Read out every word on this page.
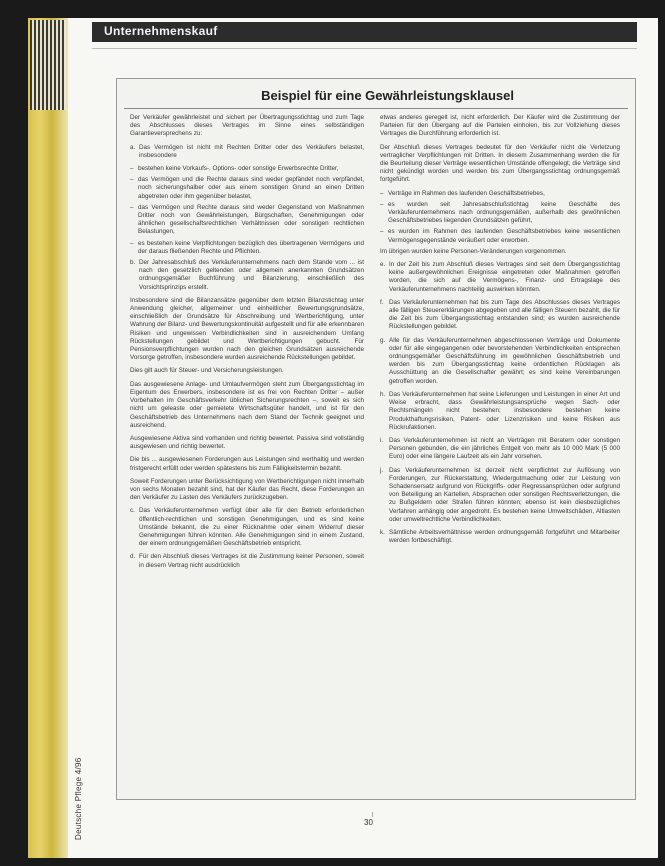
Unternehmenskauf
Deutsche Pflege 4/96
Beispiel für eine Gewährleistungsklausel

Der Verkäufer gewährleistet und sichert per Übertragungsstichtag und zum Tage des Abschlusses dieses Vertrages im Sinne eines selbständigen Garantieversprechens zu:

a. Das Vermögen ist nicht mit Rechten Dritter oder des Verkäufers belastet, insbesondere
– bestehen keine Vorkaufs-, Options- oder sonstige Erwerbsrechte Dritter,
– das Vermögen und die Rechte daraus sind weder gepfändet noch verpfändet, noch sicherungshalber oder aus einem sonstigen Grund an einen Dritten abgetreten oder ihm gegenüber belastet,
– das Vermögen und Rechte daraus sind weder Gegenstand von Maßnahmen Dritter noch von Gewährleistungen, Bürgschaften, Genehmigungen oder ähnlichen gesellschaftsrechtlichen Verhältnissen oder sonstigen rechtlichen Belastungen,
– es bestehen keine Verpflichtungen bezüglich des übertragenen Vermögens und der daraus fließenden Rechte und Pflichten.
b. Der Jahresabschluß des Verkäuferunternehmens nach dem Stande vom ... ist nach den gesetzlich geltenden oder allgemein anerkannten Grundsätzen ordnungsgemäßer Buchführung und Bilanzierung, einschließlich des Vorsichtsprinzips erstellt.

Insbesondere sind die Bilanzansätze gegenüber dem letzten Bilanzstichtag unter Anwendung gleicher, allgemeiner und einheitlicher Bewertungsgrundsätze, einschließlich der Grundsätze für Abschreibung und Wertberichtigung, unter Wahrung der Bilanz- und Bewertungskontinuität aufgestellt und für alle erkennbaren Risiken und ungewissen Verbindlichkeiten sind in ausreichendem Umfang Rückstellungen gebildet und Wertberichtigungen gebucht. Für Pensionsverpflichtungen wurden nach den gleichen Grundsätzen ausreichende Vorsorge getroffen, insbesondere wurden ausreichende Rückstellungen gebildet.

Dies gilt auch für Steuer- und Versicherungsleistungen.

Das ausgewiesene Anlage- und Umlaufvermögen steht zum Übergangsstichtag im Eigentum des Erwerbers, insbesondere ist es frei von Rechten Dritter – außer Vorbehalten im Geschäftsverkehr üblichen Sicherungsrechten –, soweit es sich nicht um geleaste oder gemietete Wirtschaftsgüter handelt, und ist für den Geschäftsbetrieb des Unternehmens nach dem Stand der Technik geeignet und ausreichend.

Ausgewiesene Aktiva sind vorhanden und richtig bewertet. Passiva sind vollständig ausgewiesen und richtig bewertet.

Die bis ... ausgewiesenen Forderungen aus Leistungen sind werthaltig und werden fristgerecht erfüllt oder werden spätestens bis zum Fälligkeitstermin bezahlt.

Soweit Forderungen unter Berücksichtigung von Wertberichtigungen nicht innerhalb von sechs Monaten bezahlt sind, hat der Käufer das Recht, diese Forderungen an den Verkäufer zu Lasten des Verkäufers zurückzugeben.

c. Das Verkäuferunternehmen verfügt über alle für den Betrieb erforderlichen öffentlich-rechtlichen und sonstigen Genehmigungen, und es sind keine Umstände bekannt, die zu einer Rücknahme oder einem Widerruf dieser Genehmigungen führen könnten. Alle Genehmigungen sind in einem Zustand, der einem ordnungsgemäßen Geschäftsbetrieb entspricht.
d. Für den Abschluß dieses Vertrages ist die Zustimmung keiner Personen, soweit in diesem Vertrag nicht ausdrücklich

etwas anderes geregelt ist, nicht erforderlich. Der Käufer wird die Zustimmung der Parteien für den Übergang auf die Parteien einholen, bis zur Vollziehung dieses Vertrages die Durchführung erforderlich ist.

Der Abschluß dieses Vertrages bedeutet für den Verkäufer nicht die Verletzung vertraglicher Verpflichtungen mit Dritten. In diesem Zusammenhang werden die für die Beurteilung dieser Verträge wesentlichen Umstände offengelegt; die Verträge sind nicht gekündigt worden und werden bis zum Übergangsstichtag ordnungsgemäß fortgeführt.

– Verträge im Rahmen des laufenden Geschäftsbetriebes,
– es wurden seit Jahresabschlußstichtag keine Geschäfte des Verkäuferunternehmens nach ordnungsgemäßen, außerhalb des gewöhnlichen Geschäftsbetriebes liegenden Grundsätzen geführt,
– es wurden im Rahmen des laufenden Geschäftsbetriebes keine wesentlichen Vermögensgegenstände veräußert oder erworben.

Im übrigen wurden keine Personen-Veränderungen vorgenommen.

e. In der Zeit bis zum Abschluß dieses Vertrages sind seit dem Übergangsstichtag keine außergewöhnlichen Ereignisse eingetreten oder Maßnahmen getroffen worden, die sich auf die Vermögens-, Finanz- und Ertragslage des Verkäuferunternehmens nachteilig auswirken könnten.
f. Das Verkäuferunternehmen hat bis zum Tage des Abschlusses dieses Vertrages alle fälligen Steuererklärungen abgegeben und alle fälligen Steuern bezahlt, die für die Zeit bis zum Übergangsstichtag entstanden sind; es wurden ausreichende Rückstellungen gebildet.
g. Alle für das Verkäuferunternehmen abgeschlossenen Verträge und Dokumente oder für alle eingegangenen oder bevorstehenden Verbindlichkeiten entsprechen ordnungsgemäßer Geschäftsführung im gewöhnlichen Geschäftsbetrieb und werden bis zum Übergangsstichtag keine ordentlichen Rücklagen als Ausschüttung an die Gesellschafter gewährt; es sind keine Vereinbarungen getroffen worden.
h. Das Verkäuferunternehmen hat seine Lieferungen und Leistungen in einer Art und Weise erbracht, dass Gewährleistungsansprüche wegen Sach- oder Rechtsmängeln nicht bestehen; insbesondere bestehen keine Produkthaftungsrisiken, Patent- oder Lizenzrisiken und keine Risiken aus Rückrufaktionen.
i. Das Verkäuferunternehmen ist nicht an Verträgen mit Beratern oder sonstigen Personen gebunden, die ein jährliches Entgelt von mehr als 10 000 Mark (5 000 Euro) oder eine längere Laufzeit als ein Jahr vorsehen.
j. Das Verkäuferunternehmen ist derzeit nicht verpflichtet zur Auflösung von Forderungen, zur Rückerstattung, Wiedergutmachung oder zur Leistung von Schadensersatz aufgrund von Rückgriffs- oder Regressansprüchen oder aufgrund von Beteiligung an Kartellen, Absprachen oder sonstigen Rechtsverletzungen, die zu Bußgeldern oder Strafen führen könnten; ebenso ist kein diesbezügliches Verfahren anhängig oder angedroht. Es bestehen keine Umweltschäden, Altlasten oder umweltrechtliche Verbindlichkeiten.
k. Sämtliche Arbeitsverhältnisse werden ordnungsgemäß fortgeführt und Mitarbeiter werden fortbeschäftigt.
30
